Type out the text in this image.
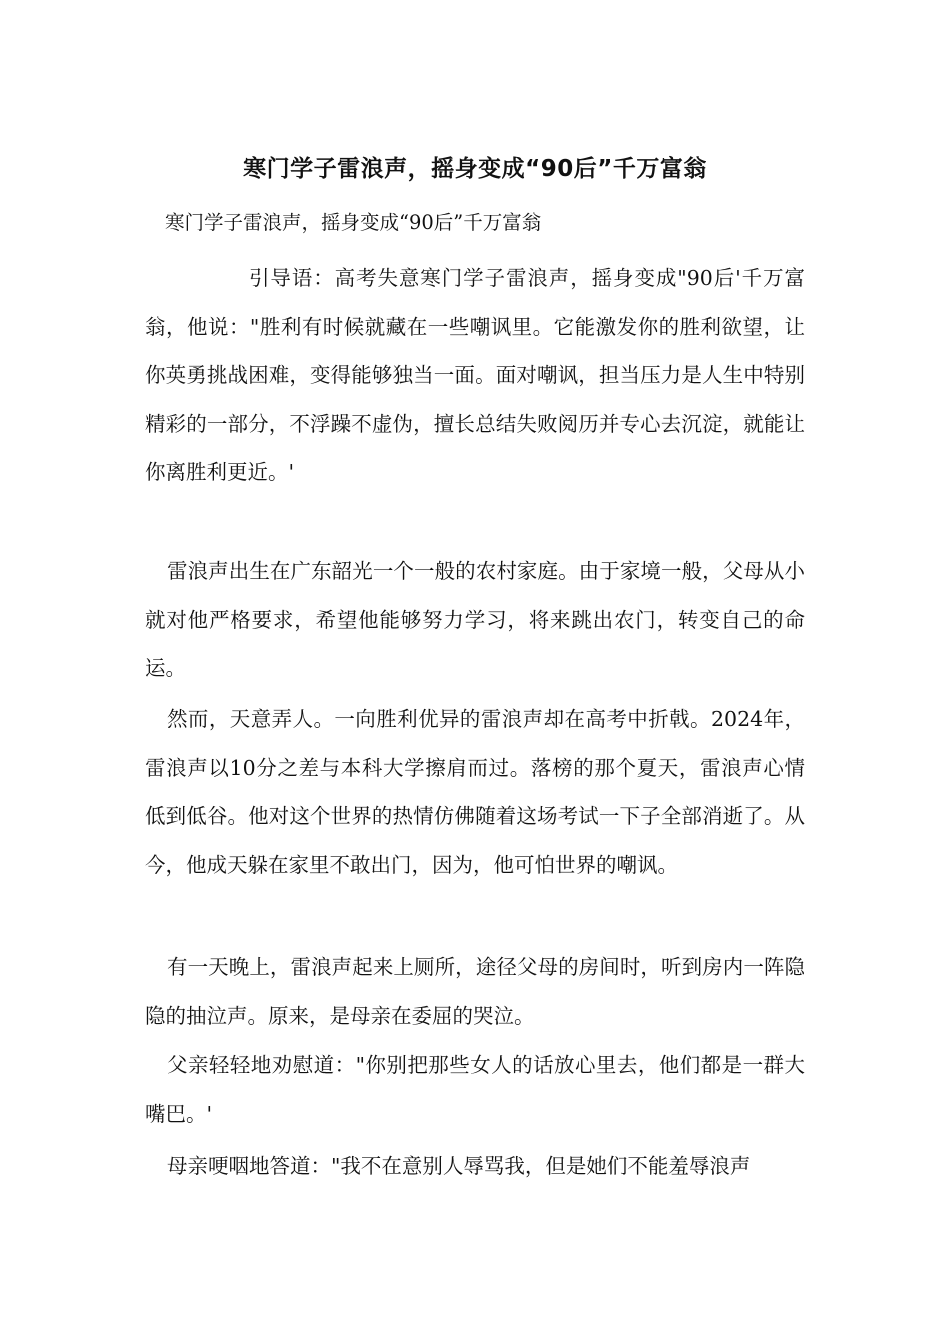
寒门学子雷浪声，摇身变成“90后”千万富翁
寒门学子雷浪声，摇身变成“90后”千万富翁

引导语：高考失意寒门学子雷浪声，摇身变成"90后'千万富翁，他说："胜利有时候就藏在一些嘲讽里。它能激发你的胜利欲望，让你英勇挑战困难，变得能够独当一面。面对嘲讽，担当压力是人生中特别精彩的一部分，不浮躁不虚伪，擅长总结失败阅历并专心去沉淀，就能让你离胜利更近。'

雷浪声出生在广东韶光一个一般的农村家庭。由于家境一般，父母从小就对他严格要求，希望他能够努力学习，将来跳出农门，转变自己的命运。

然而，天意弄人。一向胜利优异的雷浪声却在高考中折戟。2024年，雷浪声以10分之差与本科大学擦肩而过。落榜的那个夏天，雷浪声心情低到低谷。他对这个世界的热情仿佛随着这场考试一下子全部消逝了。从今，他成天躲在家里不敢出门，因为，他可怕世界的嘲讽。

有一天晚上，雷浪声起来上厕所，途径父母的房间时，听到房内一阵隐隐的抽泣声。原来，是母亲在委屈的哭泣。

父亲轻轻地劝慰道："你别把那些女人的话放心里去，他们都是一群大嘴巴。'

母亲哽咽地答道："我不在意别人辱骂我，但是她们不能羞辱浪声
